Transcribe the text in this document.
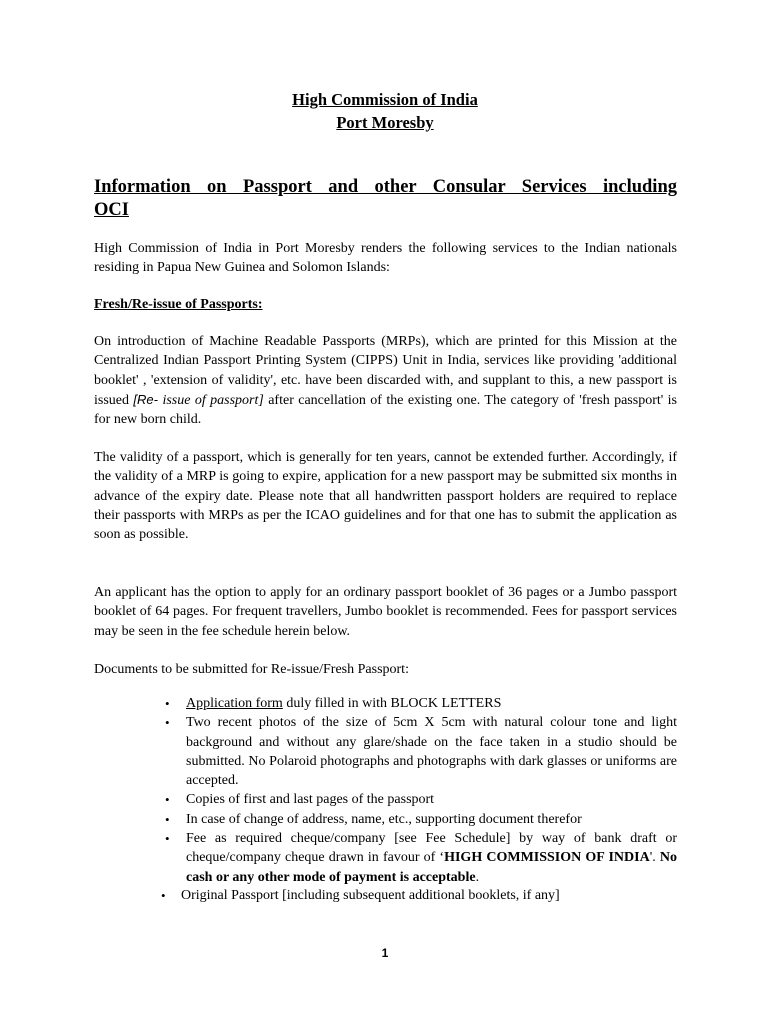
High Commission of India
Port Moresby
Information on Passport and other Consular Services including
OCI

High Commission of India in Port Moresby renders the following services to the Indian nationals residing in Papua New Guinea and Solomon Islands:

Fresh/Re-issue of Passports:

On introduction of Machine Readable Passports (MRPs), which are printed for this Mission at the Centralized Indian Passport Printing System (CIPPS) Unit in India, services like providing 'additional booklet' , 'extension of validity', etc. have been discarded with, and supplant to this, a new passport is issued [Re- issue of passport] after cancellation of the existing one. The category of 'fresh passport' is for new born child.

The validity of a passport, which is generally for ten years, cannot be extended further. Accordingly, if the validity of a MRP is going to expire, application for a new passport may be submitted six months in advance of the expiry date. Please note that all handwritten passport holders are required to replace their passports with MRPs as per the ICAO guidelines and for that one has to submit the application as soon as possible.

An applicant has the option to apply for an ordinary passport booklet of 36 pages or a Jumbo passport booklet of 64 pages. For frequent travellers, Jumbo booklet is recommended. Fees for passport services may be seen in the fee schedule herein below.

Documents to be submitted for Re-issue/Fresh Passport:

• Application form duly filled in with BLOCK LETTERS
• Two recent photos of the size of 5cm X 5cm with natural colour tone and light background and without any glare/shade on the face taken in a studio should be submitted. No Polaroid photographs and photographs with dark glasses or uniforms are accepted.
• Copies of first and last pages of the passport
• In case of change of address, name, etc., supporting document therefor
• Fee as required cheque/company [see Fee Schedule] by way of bank draft or cheque/company cheque drawn in favour of ‘HIGH COMMISSION OF INDIA'. No cash or any other mode of payment is acceptable.
• Original Passport [including subsequent additional booklets, if any]
1
